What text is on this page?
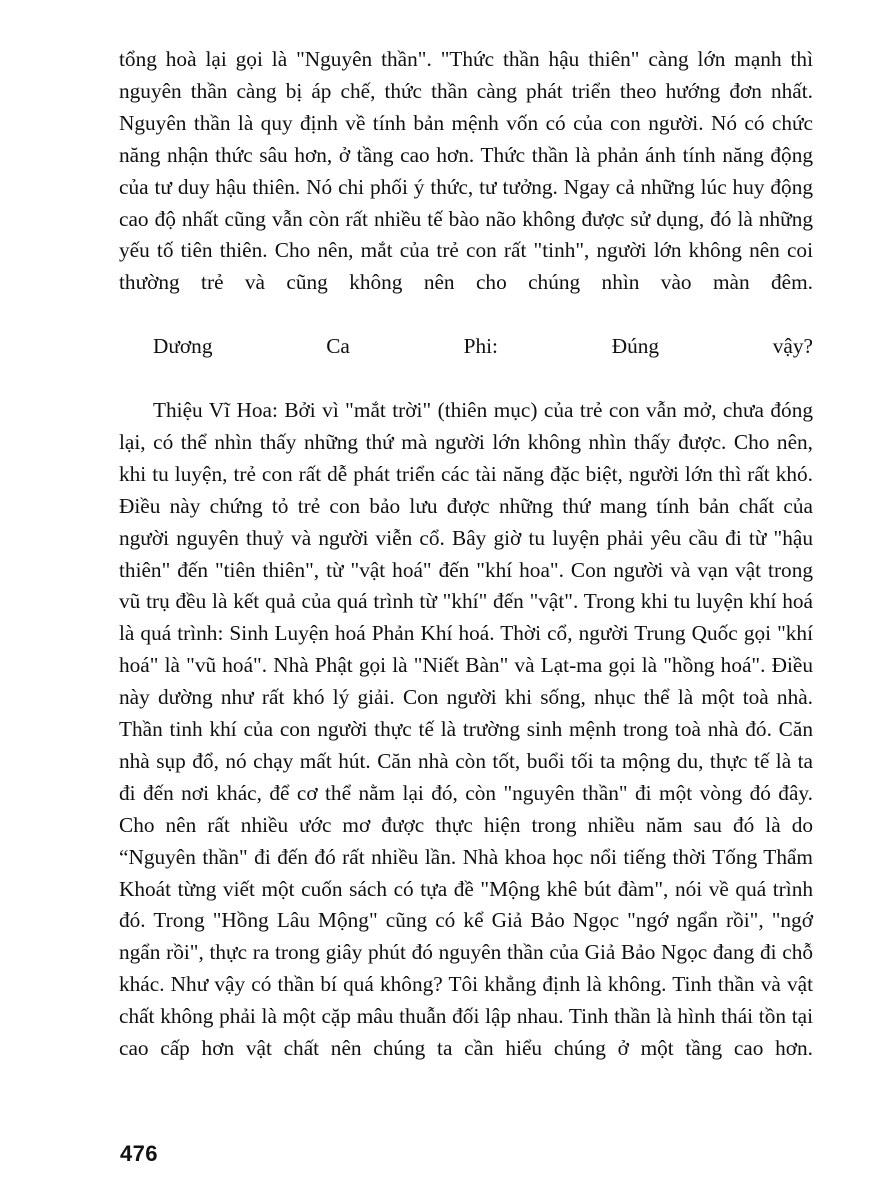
tổng hoà lại gọi là "Nguyên thần". "Thức thần hậu thiên" càng lớn mạnh thì nguyên thần càng bị áp chế, thức thần càng phát triển theo hướng đơn nhất. Nguyên thần là quy định về tính bản mệnh vốn có của con người. Nó có chức năng nhận thức sâu hơn, ở tầng cao hơn. Thức thần là phản ánh tính năng động của tư duy hậu thiên. Nó chi phối ý thức, tư tưởng. Ngay cả những lúc huy động cao độ nhất cũng vẫn còn rất nhiều tế bào não không được sử dụng, đó là những yếu tố tiên thiên. Cho nên, mắt của trẻ con rất "tinh", người lớn không nên coi thường trẻ và cũng không nên cho chúng nhìn vào màn đêm.

Dương Ca Phi: Đúng vậy?

Thiệu Vĩ Hoa: Bởi vì "mắt trời" (thiên mục) của trẻ con vẫn mở, chưa đóng lại, có thể nhìn thấy những thứ mà người lớn không nhìn thấy được. Cho nên, khi tu luyện, trẻ con rất dễ phát triển các tài năng đặc biệt, người lớn thì rất khó. Điều này chứng tỏ trẻ con bảo lưu được những thứ mang tính bản chất của người nguyên thuỷ và người viễn cổ. Bây giờ tu luyện phải yêu cầu đi từ "hậu thiên" đến "tiên thiên", từ "vật hoá" đến "khí hoa". Con người và vạn vật trong vũ trụ đều là kết quả của quá trình từ "khí" đến "vật". Trong khi tu luyện khí hoá là quá trình: Sinh Luyện hoá Phản Khí hoá. Thời cổ, người Trung Quốc gọi "khí hoá" là "vũ hoá". Nhà Phật gọi là "Niết Bàn" và Lạt-ma gọi là "hồng hoá". Điều này dường như rất khó lý giải. Con người khi sống, nhục thể là một toà nhà. Thần tinh khí của con người thực tế là trường sinh mệnh trong toà nhà đó. Căn nhà sụp đổ, nó chạy mất hút. Căn nhà còn tốt, buổi tối ta mộng du, thực tế là ta đi đến nơi khác, để cơ thể nằm lại đó, còn "nguyên thần" đi một vòng đó đây. Cho nên rất nhiều ước mơ được thực hiện trong nhiều năm sau đó là do “Nguyên thần" đi đến đó rất nhiều lần. Nhà khoa học nổi tiếng thời Tống Thẩm Khoát từng viết một cuốn sách có tựa đề "Mộng khê bút đàm", nói về quá trình đó. Trong "Hồng Lâu Mộng" cũng có kể Giả Bảo Ngọc "ngớ ngẩn rồi", "ngớ ngẩn rồi", thực ra trong giây phút đó nguyên thần của Giả Bảo Ngọc đang đi chỗ khác. Như vậy có thần bí quá không? Tôi khẳng định là không. Tinh thần và vật chất không phải là một cặp mâu thuẫn đối lập nhau. Tinh thần là hình thái tồn tại cao cấp hơn vật chất nên chúng ta cần hiểu chúng ở một tầng cao hơn.

476
